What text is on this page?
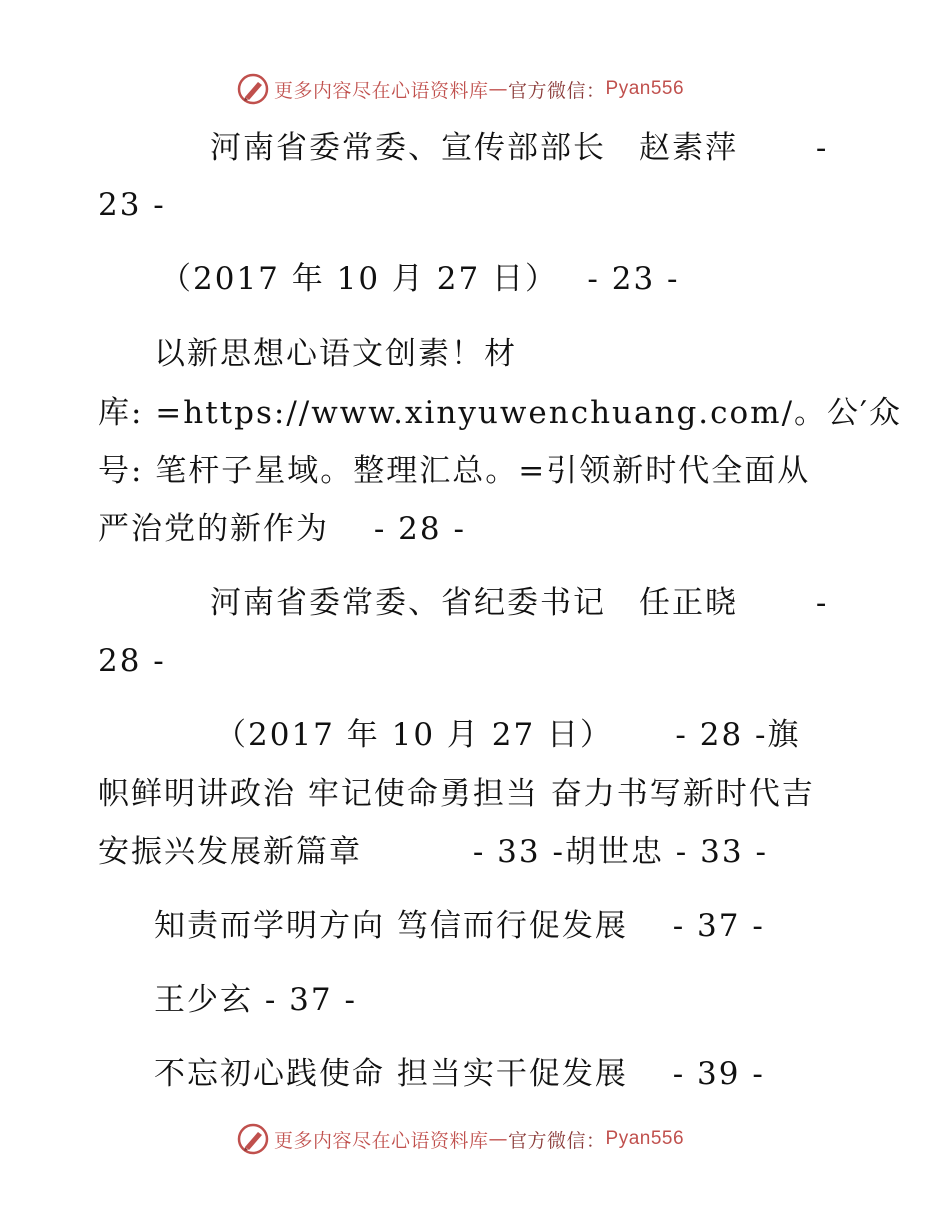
更多内容尽在心语资料库 — 官方微信： Pyan556
河南省委常委、宣传部部长　赵素萍　　 -
23 -
（2017 年 10 月 27 日）　 - 23 -
以新思想心语文创素！材
库: =https://www.xinyuwenchuang.com/。公′众
号: 笔杆子星域。整理汇总。=引领新时代全面从
严治党的新作为　 - 28 -
河南省委常委、省纪委书记　任正晓　　 -
28 -
（2017 年 10 月 27 日）　　 - 28 -旗
帜鲜明讲政治 牢记使命勇担当 奋力书写新时代吉
安振兴发展新篇章　　　 - 33 -胡世忠 - 33 -
知责而学明方向 笃信而行促发展　 - 37 -
王少玄 - 37 -
不忘初心践使命 担当实干促发展　 - 39 -
更多内容尽在心语资料库 — 官方微信： Pyan556
